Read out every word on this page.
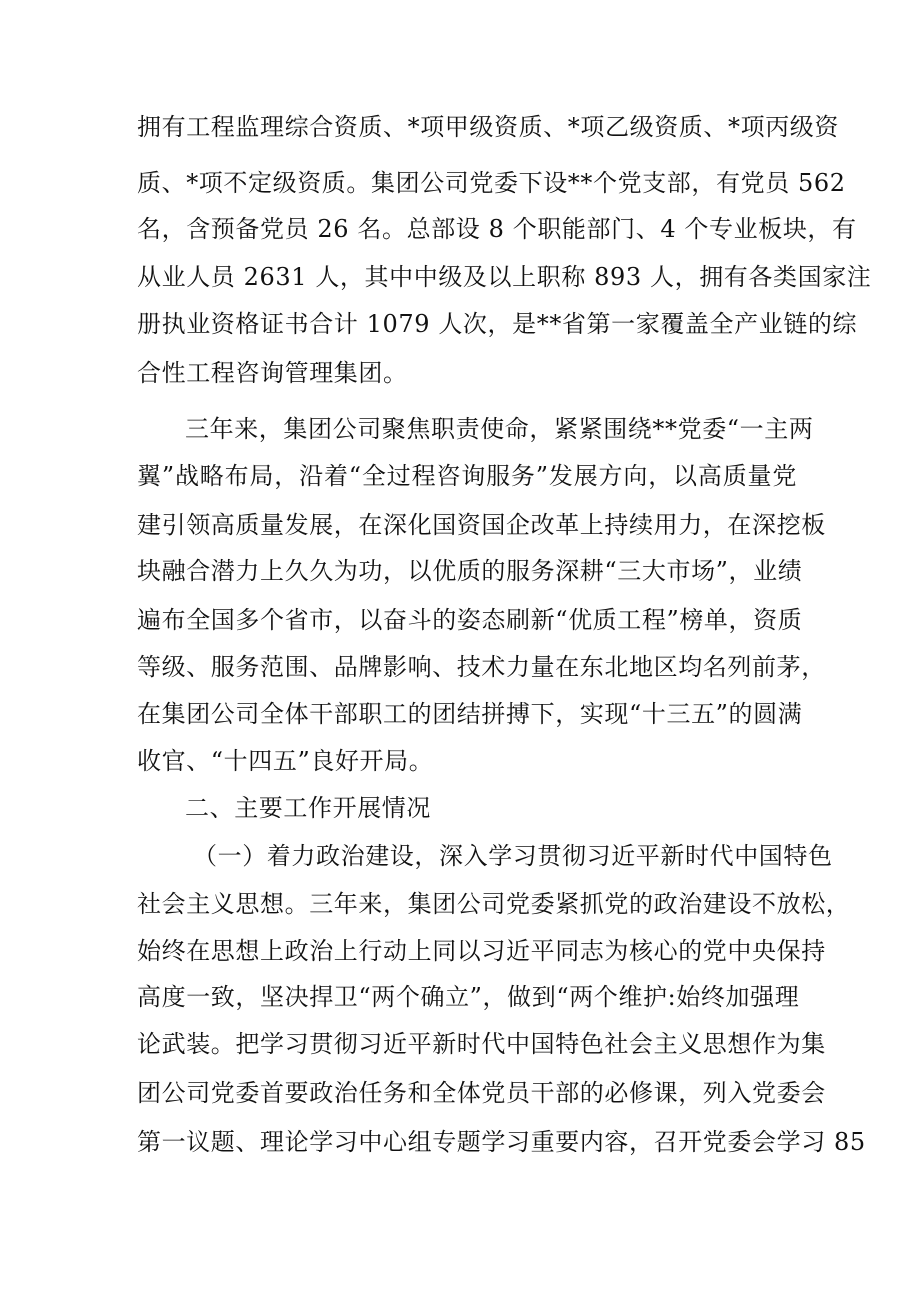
拥有工程监理综合资质、*项甲级资质、*项乙级资质、*项丙级资
质、*项不定级资质。集团公司党委下设**个党支部，有党员 562
名，含预备党员 26 名。总部设 8 个职能部门、4 个专业板块，有
从业人员 2631 人，其中中级及以上职称 893 人，拥有各类国家注
册执业资格证书合计 1079 人次，是**省第一家覆盖全产业链的综
合性工程咨询管理集团。
三年来，集团公司聚焦职责使命，紧紧围绕**党委“一主两
翼”战略布局，沿着“全过程咨询服务”发展方向，以高质量党
建引领高质量发展，在深化国资国企改革上持续用力，在深挖板
块融合潜力上久久为功，以优质的服务深耕“三大市场”，业绩
遍布全国多个省市，以奋斗的姿态刷新“优质工程”榜单，资质
等级、服务范围、品牌影响、技术力量在东北地区均名列前茅，
在集团公司全体干部职工的团结拼搏下，实现“十三五”的圆满
收官、“十四五”良好开局。
二、主要工作开展情况
（一）着力政治建设，深入学习贯彻习近平新时代中国特色
社会主义思想。三年来，集团公司党委紧抓党的政治建设不放松，
始终在思想上政治上行动上同以习近平同志为核心的党中央保持
高度一致，坚决捍卫“两个确立”，做到“两个维护:始终加强理
论武装。把学习贯彻习近平新时代中国特色社会主义思想作为集
团公司党委首要政治任务和全体党员干部的必修课，列入党委会
第一议题、理论学习中心组专题学习重要内容，召开党委会学习 85
